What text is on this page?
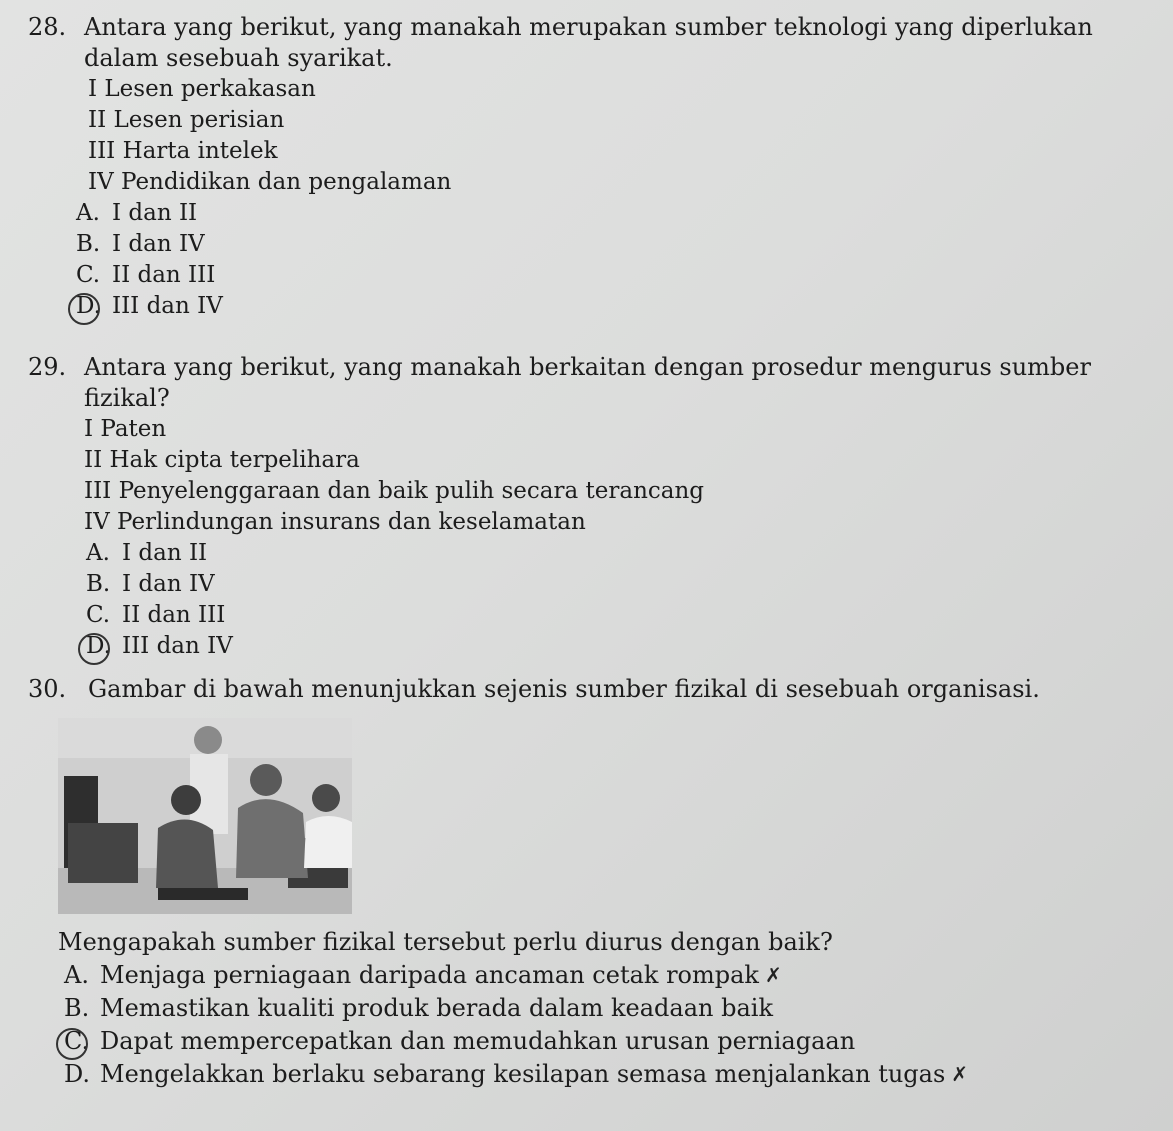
28. Antara yang berikut, yang manakah merupakan sumber teknologi yang diperlukan dalam sesebuah syarikat.
I Lesen perkakasan
II Lesen perisian
III Harta intelek
IV Pendidikan dan pengalaman
A. I dan II
B. I dan IV
C. II dan III
D. III dan IV
29. Antara yang berikut, yang manakah berkaitan dengan prosedur mengurus sumber fizikal?
I Paten
II Hak cipta terpelihara
III Penyelenggaraan dan baik pulih secara terancang
IV Perlindungan insurans dan keselamatan
A. I dan II
B. I dan IV
C. II dan III
D. III dan IV
30. Gambar di bawah menunjukkan sejenis sumber fizikal di sesebuah organisasi.
Mengapakah sumber fizikal tersebut perlu diurus dengan baik?
A. Menjaga perniagaan daripada ancaman cetak rompak ✗
B. Memastikan kualiti produk berada dalam keadaan baik
C. Dapat mempercepatkan dan memudahkan urusan perniagaan
D. Mengelakkan berlaku sebarang kesilapan semasa menjalankan tugas ✗
